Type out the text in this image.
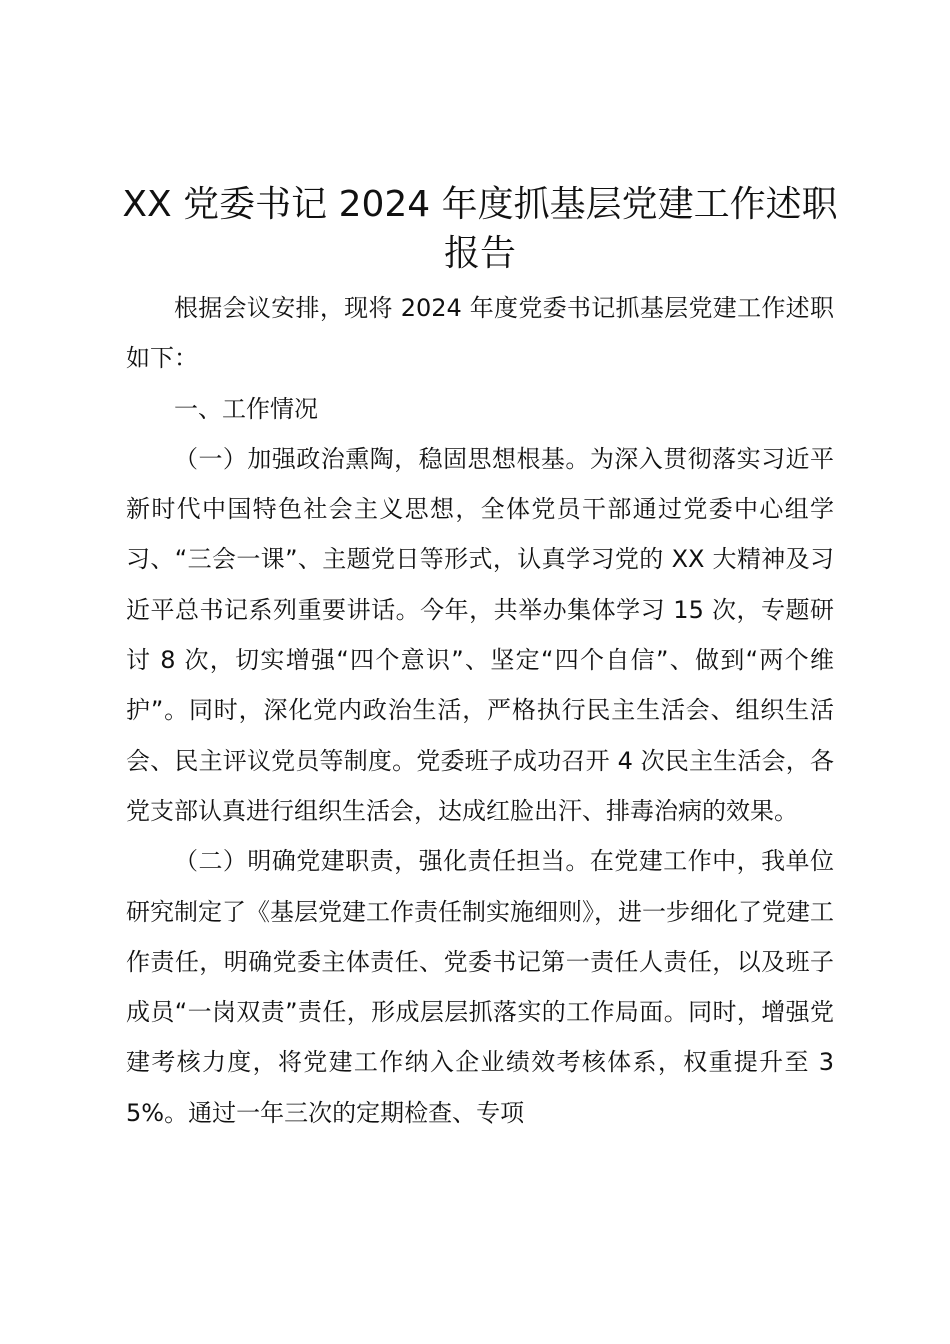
XX 党委书记 2024 年度抓基层党建工作述职报告

根据会议安排，现将 2024 年度党委书记抓基层党建工作述职如下：

一、工作情况

（一）加强政治熏陶，稳固思想根基。为深入贯彻落实习近平新时代中国特色社会主义思想，全体党员干部通过党委中心组学习、“三会一课”、主题党日等形式，认真学习党的 XX 大精神及习近平总书记系列重要讲话。今年，共举办集体学习 15 次，专题研讨 8 次，切实增强“四个意识”、坚定“四个自信”、做到“两个维护”。同时，深化党内政治生活，严格执行民主生活会、组织生活会、民主评议党员等制度。党委班子成功召开 4 次民主生活会，各党支部认真进行组织生活会，达成红脸出汗、排毒治病的效果。

（二）明确党建职责，强化责任担当。在党建工作中，我单位研究制定了《基层党建工作责任制实施细则》，进一步细化了党建工作责任，明确党委主体责任、党委书记第一责任人责任，以及班子成员“一岗双责”责任，形成层层抓落实的工作局面。同时，增强党建考核力度，将党建工作纳入企业绩效考核体系，权重提升至 35%。通过一年三次的定期检查、专项
